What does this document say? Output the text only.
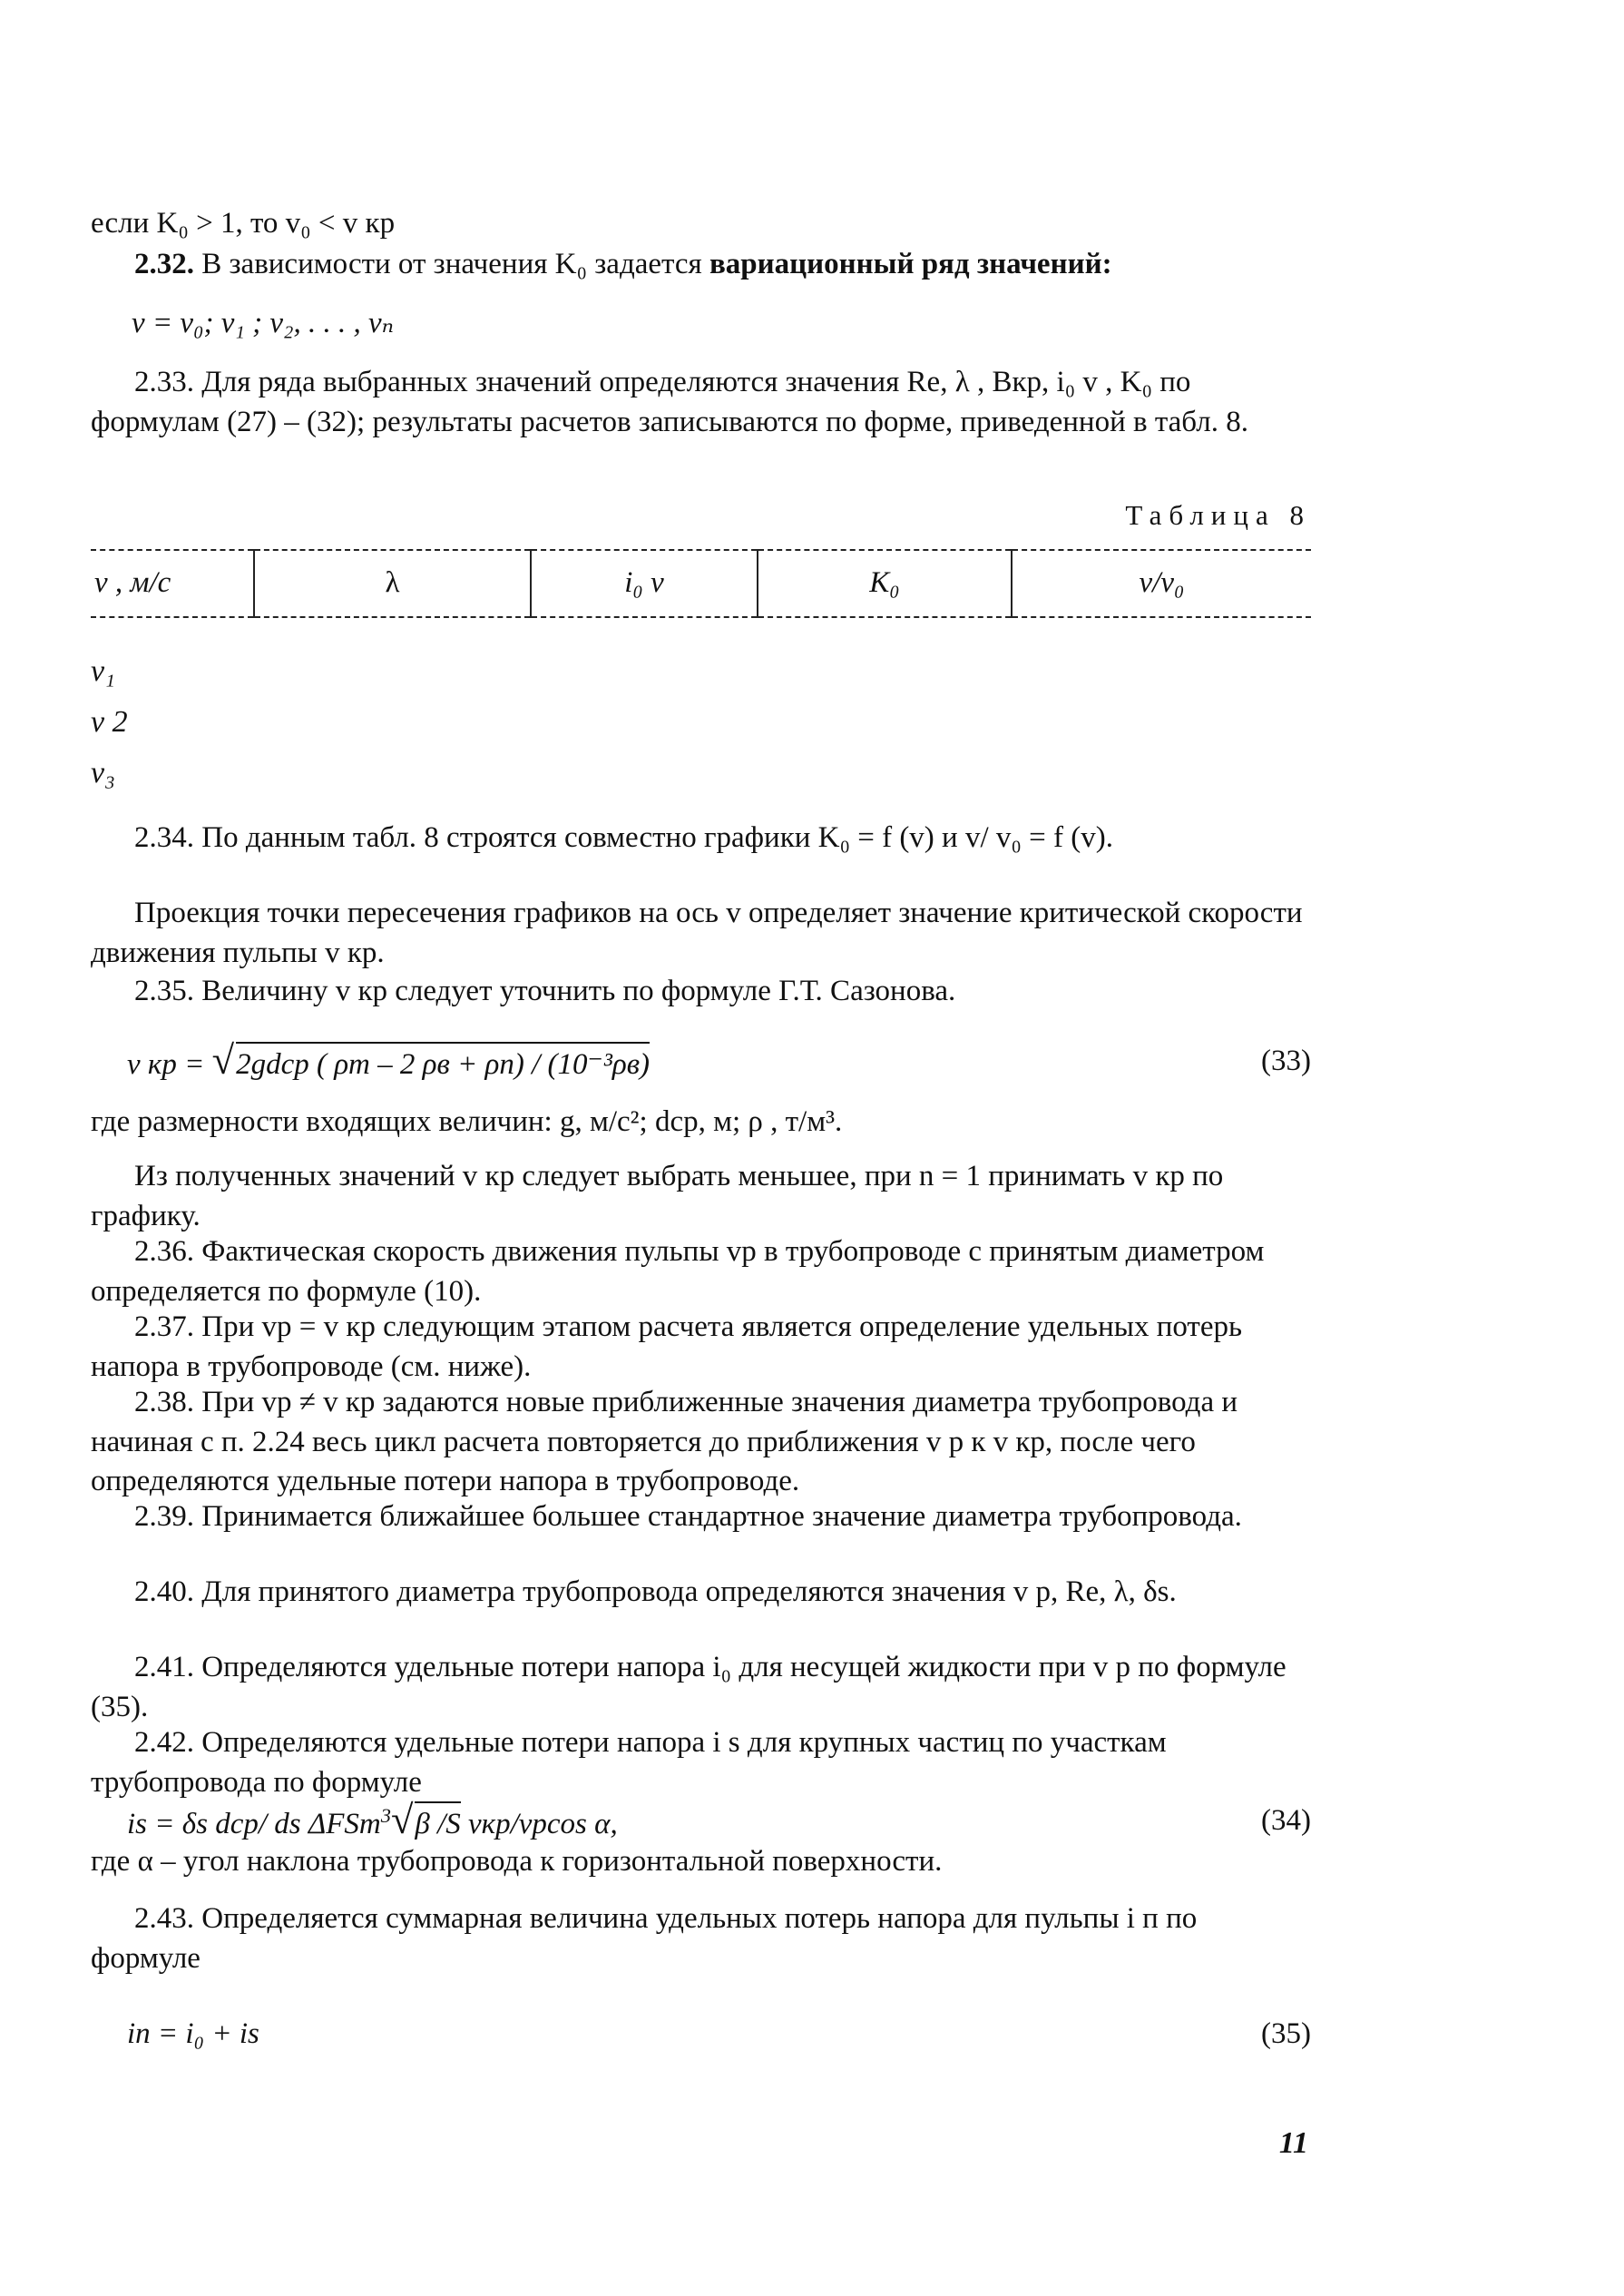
если K₀ > 1, то v₀ < v кр
2.32. В зависимости от значения K₀ задается вариационный ряд значений:
v = v₀; v₁ ; v₂, . . . , vₙ
2.33. Для ряда выбранных значений определяются значения Re, λ , Bкр, i₀ v , K₀ по формулам (27) – (32); результаты расчетов записываются по форме, приведенной в табл. 8.
Таблица 8
v , м/с	λ	i₀ v	K₀	v/v₀
v₁
v 2
v₃
2.34. По данным табл. 8 строятся совместно графики K₀ = f (v) и v/ v₀ = f (v).
Проекция точки пересечения графиков на ось v определяет значение критической скорости движения пульпы v кр.
2.35. Величину v кр следует уточнить по формуле Г.Т. Сазонова.
v кр = √2gdср ( ρт – 2 ρв + ρп) / (10⁻³ρв)	(33)
где размерности входящих величин: g, м/с²; dср, м; ρ , т/м³.
Из полученных значений v кр следует выбрать меньшее, при n = 1 принимать v кр по графику.
2.36. Фактическая скорость движения пульпы vр в трубопроводе с принятым диаметром определяется по формуле (10).
2.37. При vр = v кр следующим этапом расчета является определение удельных потерь напора в трубопроводе (см. ниже).
2.38. При vр ≠ v кр задаются новые приближенные значения диаметра трубопровода и начиная с п. 2.24 весь цикл расчета повторяется до приближения v р к v кр, после чего определяются удельные потери напора в трубопроводе.
2.39. Принимается ближайшее большее стандартное значение диаметра трубопровода.
2.40. Для принятого диаметра трубопровода определяются значения v р, Re, λ, δs.
2.41. Определяются удельные потери напора i₀ для несущей жидкости при v р по формуле (35).
2.42. Определяются удельные потери напора i s для крупных частиц по участкам трубопровода по формуле
is = δs dср/ ds ΔFSm$^3$√β /S vкр/vрcos α,	(34)
где α – угол наклона трубопровода к горизонтальной поверхности.
2.43. Определяется суммарная величина удельных потерь напора для пульпы i п по формуле
iп = i₀ + is	(35)
11
